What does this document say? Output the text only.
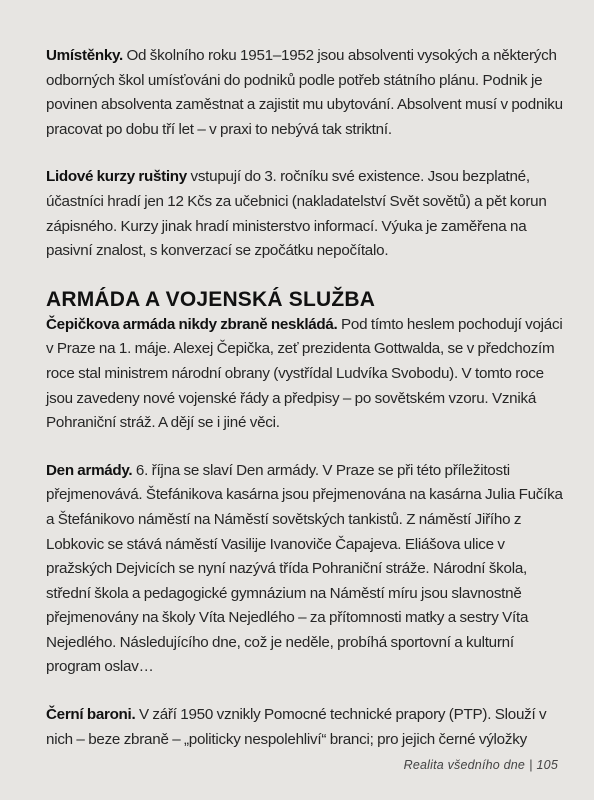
Umístěnky. Od školního roku 1951–1952 jsou absolventi vysokých a některých odborných škol umísťováni do podniků podle potřeb státního plánu. Podnik je povinen absolventa zaměstnat a zajistit mu ubytování. Absolvent musí v podniku pracovat po dobu tří let – v praxi to nebývá tak striktní.

Lidové kurzy ruštiny vstupují do 3. ročníku své existence. Jsou bezplatné, účastníci hradí jen 12 Kčs za učebnici (nakladatelství Svět sovětů) a pět korun zápisného. Kurzy jinak hradí ministerstvo informací. Výuka je zaměřena na pasivní znalost, s konverzací se zpočátku nepočítalo.

ARMÁDA A VOJENSKÁ SLUŽBA

Čepičkova armáda nikdy zbraně neskládá. Pod tímto heslem pochodují vojáci v Praze na 1. máje. Alexej Čepička, zeť prezidenta Gottwalda, se v předchozím roce stal ministrem národní obrany (vystřídal Ludvíka Svobodu). V tomto roce jsou zavedeny nové vojenské řády a předpisy – po sovětském vzoru. Vzniká Pohraniční stráž. A dějí se i jiné věci.

Den armády. 6. října se slaví Den armády. V Praze se při této příležitosti přejmenovává. Štefánikova kasárna jsou přejmenována na kasárna Julia Fučíka a Štefánikovo náměstí na Náměstí sovětských tankistů. Z náměstí Jiřího z Lobkovic se stává náměstí Vasilije Ivanoviče Čapajeva. Eliášova ulice v pražských Dejvicích se nyní nazývá třída Pohraniční stráže. Národní škola, střední škola a pedagogické gymnázium na Náměstí míru jsou slavnostně přejmenovány na školy Víta Nejedlého – za přítomnosti matky a sestry Víta Nejedlého. Následujícího dne, což je neděle, probíhá sportovní a kulturní program oslav…

Černí baroni. V září 1950 vznikly Pomocné technické prapory (PTP). Slouží v nich – beze zbraně – „politicky nespolehliví“ branci; pro jejich černé výložky

Realita všedního dne | 105
